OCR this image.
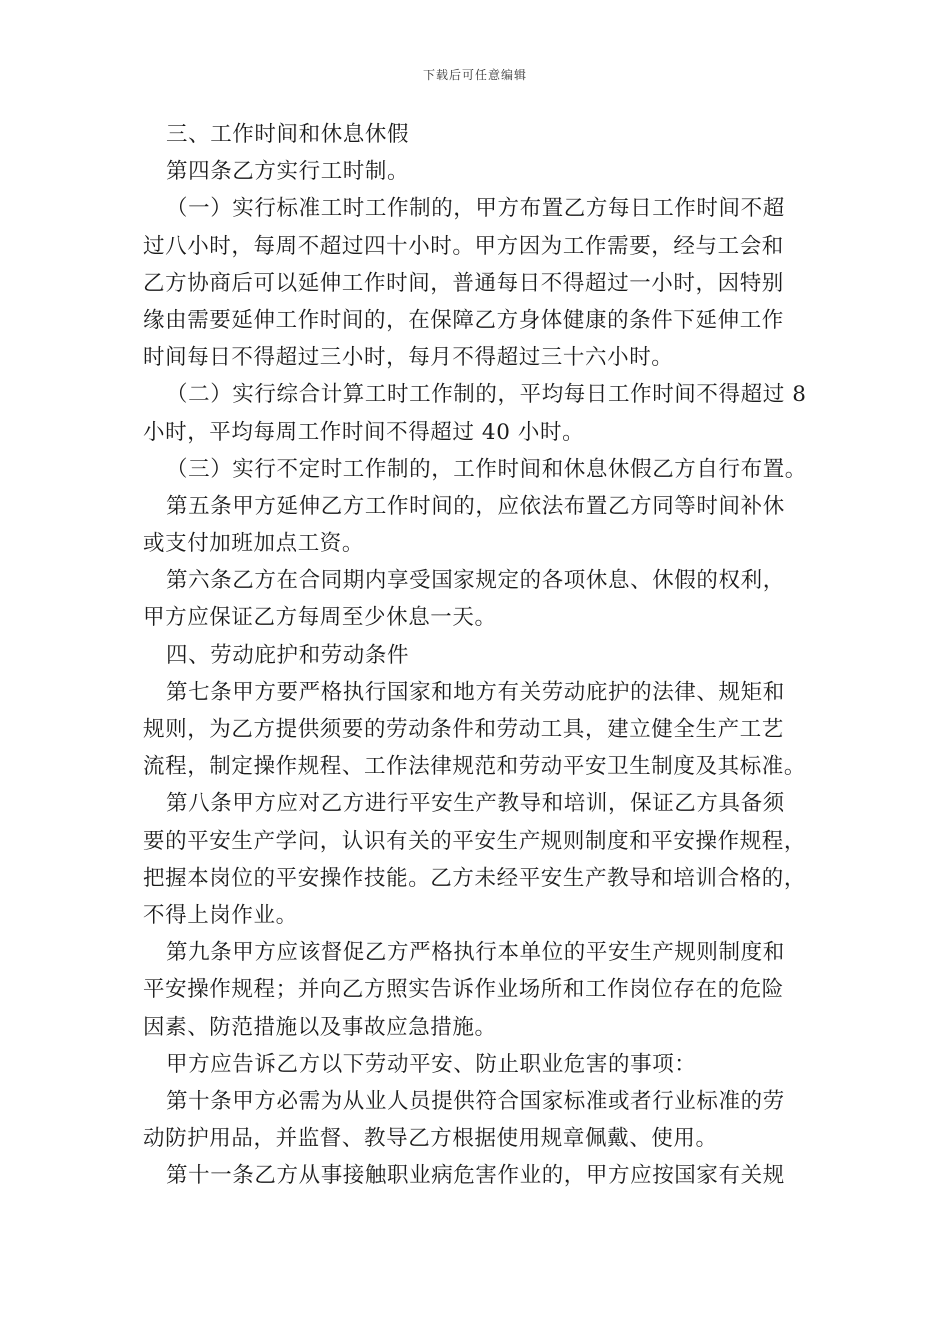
下载后可任意编辑
三、工作时间和休息休假
第四条乙方实行工时制。
（一）实行标准工时工作制的，甲方布置乙方每日工作时间不超
过八小时，每周不超过四十小时。甲方因为工作需要，经与工会和
乙方协商后可以延伸工作时间，普通每日不得超过一小时，因特别
缘由需要延伸工作时间的，在保障乙方身体健康的条件下延伸工作
时间每日不得超过三小时，每月不得超过三十六小时。
（二）实行综合计算工时工作制的，平均每日工作时间不得超过 8
小时，平均每周工作时间不得超过 40 小时。
（三）实行不定时工作制的，工作时间和休息休假乙方自行布置。
第五条甲方延伸乙方工作时间的，应依法布置乙方同等时间补休
或支付加班加点工资。
第六条乙方在合同期内享受国家规定的各项休息、休假的权利，
甲方应保证乙方每周至少休息一天。
四、劳动庇护和劳动条件
第七条甲方要严格执行国家和地方有关劳动庇护的法律、规矩和
规则，为乙方提供须要的劳动条件和劳动工具，建立健全生产工艺
流程，制定操作规程、工作法律规范和劳动平安卫生制度及其标准。
第八条甲方应对乙方进行平安生产教导和培训，保证乙方具备须
要的平安生产学问，认识有关的平安生产规则制度和平安操作规程，
把握本岗位的平安操作技能。乙方未经平安生产教导和培训合格的，
不得上岗作业。
第九条甲方应该督促乙方严格执行本单位的平安生产规则制度和
平安操作规程；并向乙方照实告诉作业场所和工作岗位存在的危险
因素、防范措施以及事故应急措施。
甲方应告诉乙方以下劳动平安、防止职业危害的事项：
第十条甲方必需为从业人员提供符合国家标准或者行业标准的劳
动防护用品，并监督、教导乙方根据使用规章佩戴、使用。
第十一条乙方从事接触职业病危害作业的，甲方应按国家有关规
